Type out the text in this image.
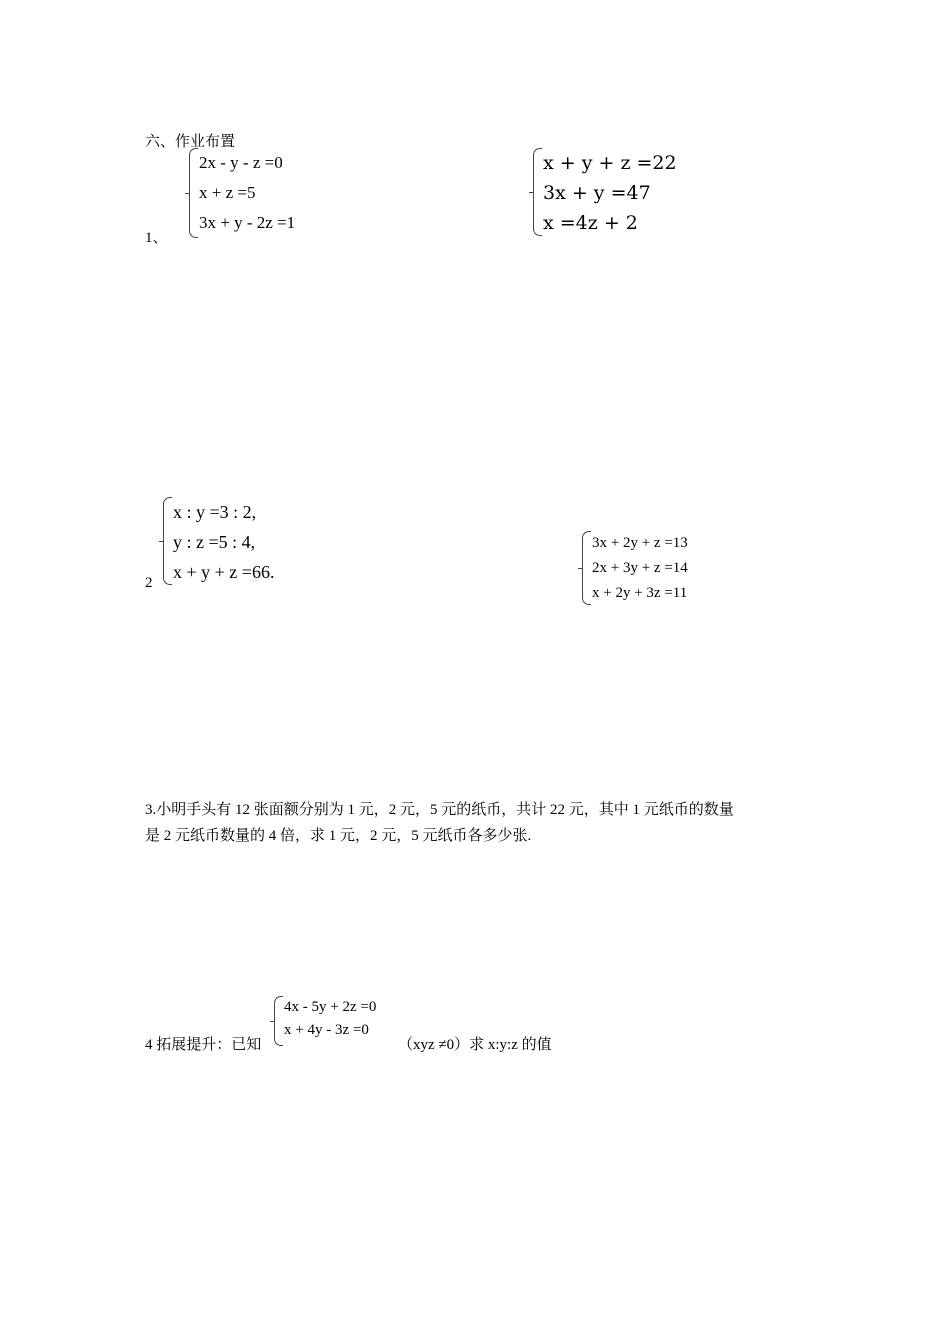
六、作业布置
1、
2x - y - z =0
x + z =5
3x + y - 2z =1
x + y + z =22
3x + y =47
x =4z + 2
2
x : y =3 : 2,
y : z =5 : 4,
x + y + z =66.
3x + 2y + z =13
2x + 3y + z =14
x + 2y + 3z =11
3.小明手头有 12 张面额分别为 1 元，2 元，5 元的纸币，共计 22 元，其中 1 元纸币的数量
是 2 元纸币数量的 4 倍，求 1 元，2 元，5 元纸币各多少张.
4 拓展提升：已知
4x - 5y + 2z =0
x + 4y - 3z =0
（xyz ≠0）求 x:y:z 的值
